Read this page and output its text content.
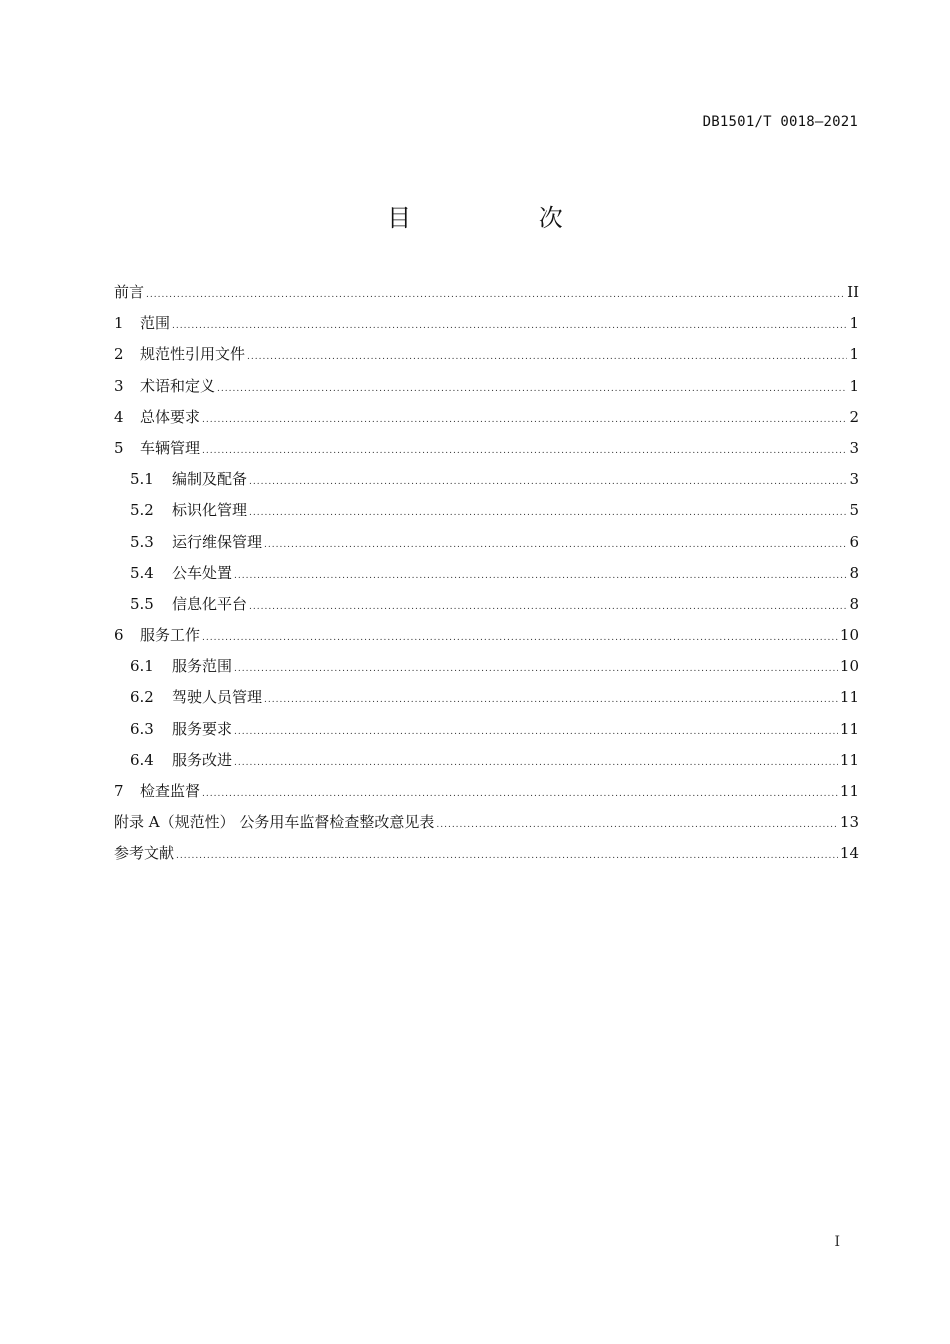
DB1501/T 0018—2021
目 次
前言 .....	II
1	范围 .....	1
2	规范性引用文件 .....	1
3	术语和定义 .....	1
4	总体要求 .....	2
5	车辆管理 .....	3
5.1	编制及配备 .....	3
5.2	标识化管理 .....	5
5.3	运行维保管理 .....	6
5.4	公车处置 .....	8
5.5	信息化平台 .....	8
6	服务工作 .....	10
6.1	服务范围 .....	10
6.2	驾驶人员管理 .....	11
6.3	服务要求 .....	11
6.4	服务改进 .....	11
7	检查监督 .....	11
附录 A（规范性） 公务用车监督检查整改意见表 .....	13
参考文献 .....	14
I
